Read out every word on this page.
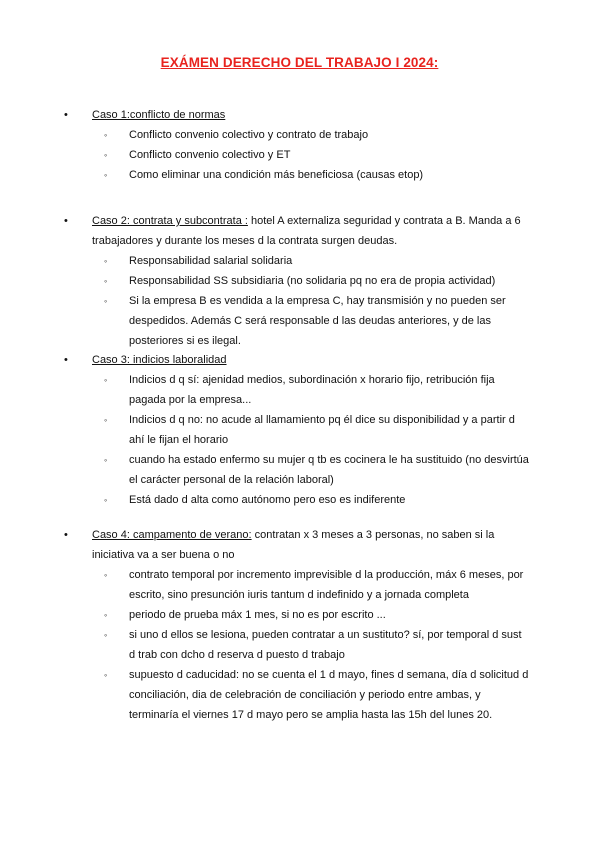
EXÁMEN DERECHO DEL TRABAJO I 2024:
• Caso 1:conflicto de normas
◦ Conflicto convenio colectivo y contrato de trabajo
◦ Conflicto convenio colectivo y ET
◦ Como eliminar una condición más beneficiosa (causas etop)
• Caso 2: contrata y subcontrata : hotel A externaliza seguridad y contrata a B. Manda a 6 trabajadores y durante los meses d la contrata surgen deudas.
◦ Responsabilidad salarial solidaria
◦ Responsabilidad SS subsidiaria (no solidaria pq no era de propia actividad)
◦ Si la empresa B es vendida a la empresa C, hay transmisión y no pueden ser despedidos. Además C será responsable d las deudas anteriores, y de las posteriores si es ilegal.
• Caso 3: indicios laboralidad
◦ Indicios d q sí: ajenidad medios, subordinación x horario fijo, retribución fija pagada por la empresa...
◦ Indicios d q no: no acude al llamamiento pq él dice su disponibilidad y a partir d ahí le fijan el horario
◦ cuando ha estado enfermo su mujer q tb es cocinera le ha sustituido (no desvirtúa el carácter personal de la relación laboral)
◦ Está dado d alta como autónomo pero eso es indiferente
• Caso 4: campamento de verano: contratan x 3 meses a 3 personas, no saben si la iniciativa va a ser buena o no
◦ contrato temporal por incremento imprevisible d la producción, máx 6 meses, por escrito, sino presunción iuris tantum d indefinido y a jornada completa
◦ periodo de prueba máx 1 mes, si no es por escrito ...
◦ si uno d ellos se lesiona, pueden contratar a un sustituto? sí, por temporal d sust d trab con dcho d reserva d puesto d trabajo
◦ supuesto d caducidad: no se cuenta el 1 d mayo, fines d semana, día d solicitud d conciliación, dia de celebración de conciliación y periodo entre ambas, y terminaría el viernes 17 d mayo pero se amplia hasta las 15h del lunes 20.
